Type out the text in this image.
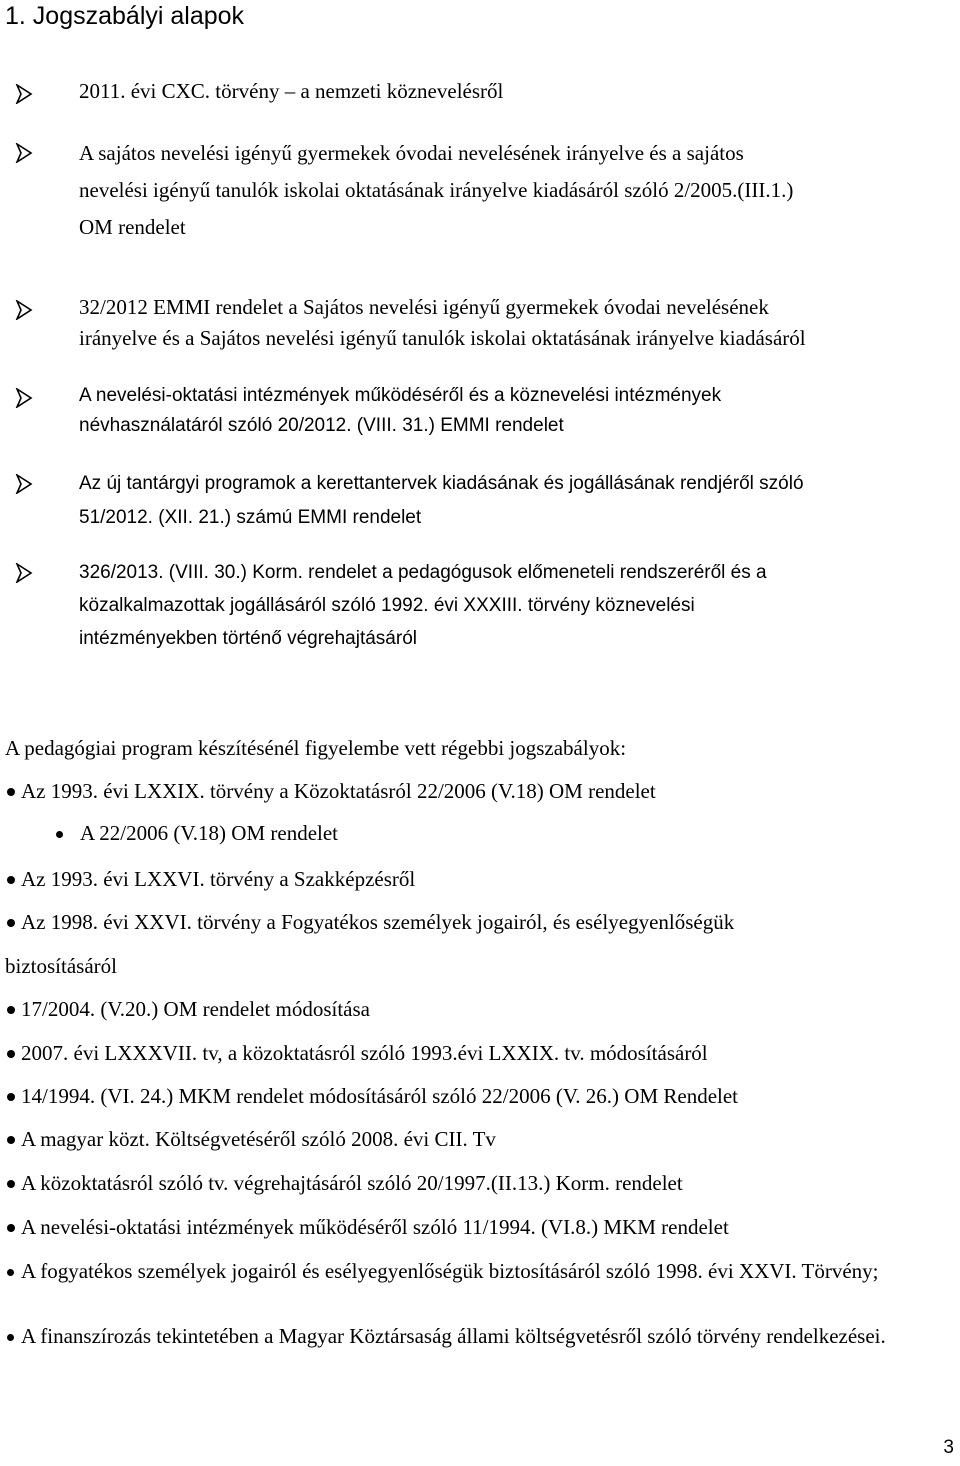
1. Jogszabályi alapok
2011. évi CXC. törvény – a nemzeti köznevelésről
A sajátos nevelési igényű gyermekek óvodai nevelésének irányelve és a sajátos
nevelési igényű tanulók iskolai oktatásának irányelve kiadásáról szóló 2/2005.(III.1.)
OM rendelet
32/2012 EMMI rendelet a Sajátos nevelési igényű gyermekek óvodai nevelésének
irányelve és a Sajátos nevelési igényű tanulók iskolai oktatásának irányelve kiadásáról
A nevelési-oktatási intézmények működéséről és a köznevelési intézmények
névhasználatáról szóló 20/2012. (VIII. 31.) EMMI rendelet
Az új tantárgyi programok a kerettantervek kiadásának és jogállásának rendjéről szóló
51/2012. (XII. 21.) számú EMMI rendelet
326/2013. (VIII. 30.) Korm. rendelet a pedagógusok előmeneteli rendszeréről és a
közalkalmazottak jogállásáról szóló 1992. évi XXXIII. törvény köznevelési
intézményekben történő végrehajtásáról
A pedagógiai program készítésénél figyelembe vett régebbi jogszabályok:
Az 1993. évi LXXIX. törvény a Közoktatásról 22/2006 (V.18) OM rendelet
A 22/2006 (V.18) OM rendelet
Az 1993. évi LXXVI. törvény a Szakképzésről
Az 1998. évi XXVI. törvény a Fogyatékos személyek jogairól, és esélyegyenlőségük
biztosításáról
17/2004. (V.20.) OM rendelet módosítása
2007. évi LXXXVII. tv, a közoktatásról szóló 1993.évi LXXIX. tv. módosításáról
14/1994. (VI. 24.) MKM rendelet módosításáról szóló 22/2006 (V. 26.) OM Rendelet
A magyar közt. Költségvetéséről szóló 2008. évi CII. Tv
A közoktatásról szóló tv. végrehajtásáról szóló 20/1997.(II.13.) Korm. rendelet
A nevelési-oktatási intézmények működéséről szóló 11/1994. (VI.8.) MKM rendelet
A fogyatékos személyek jogairól és esélyegyenlőségük biztosításáról szóló 1998. évi XXVI. Törvény;
A finanszírozás tekintetében a Magyar Köztársaság állami költségvetésről szóló törvény rendelkezései.
3
